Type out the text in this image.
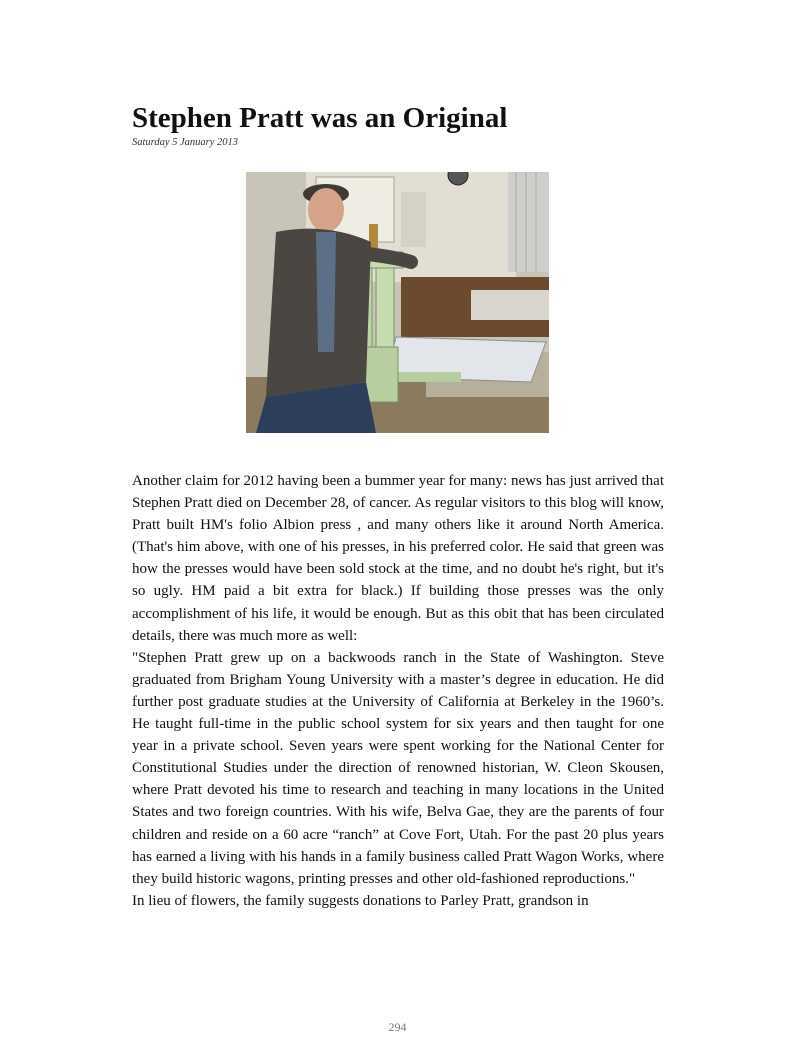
Stephen Pratt was an Original
Saturday 5 January 2013

Another claim for 2012 having been a bummer year for many: news has just arrived that Stephen Pratt died on December 28, of cancer. As regular visitors to this blog will know, Pratt built HM's folio Albion press , and many others like it around North America. (That's him above, with one of his presses, in his preferred color. He said that green was how the presses would have been sold stock at the time, and no doubt he's right, but it's so ugly. HM paid a bit extra for black.) If building those presses was the only accomplishment of his life, it would be enough. But as this obit that has been circulated details, there was much more as well:

"Stephen Pratt grew up on a backwoods ranch in the State of Washington. Steve graduated from Brigham Young University with a master’s degree in education. He did further post graduate studies at the University of California at Berkeley in the 1960’s. He taught full-time in the public school system for six years and then taught for one year in a private school. Seven years were spent working for the National Center for Constitutional Studies under the direction of renowned historian, W. Cleon Skousen, where Pratt devoted his time to research and teaching in many locations in the United States and two foreign countries. With his wife, Belva Gae, they are the parents of four children and reside on a 60 acre “ranch” at Cove Fort, Utah. For the past 20 plus years has earned a living with his hands in a family business called Pratt Wagon Works, where they build historic wagons, printing presses and other old-fashioned reproductions."

In lieu of flowers, the family suggests donations to Parley Pratt, grandson in

294
